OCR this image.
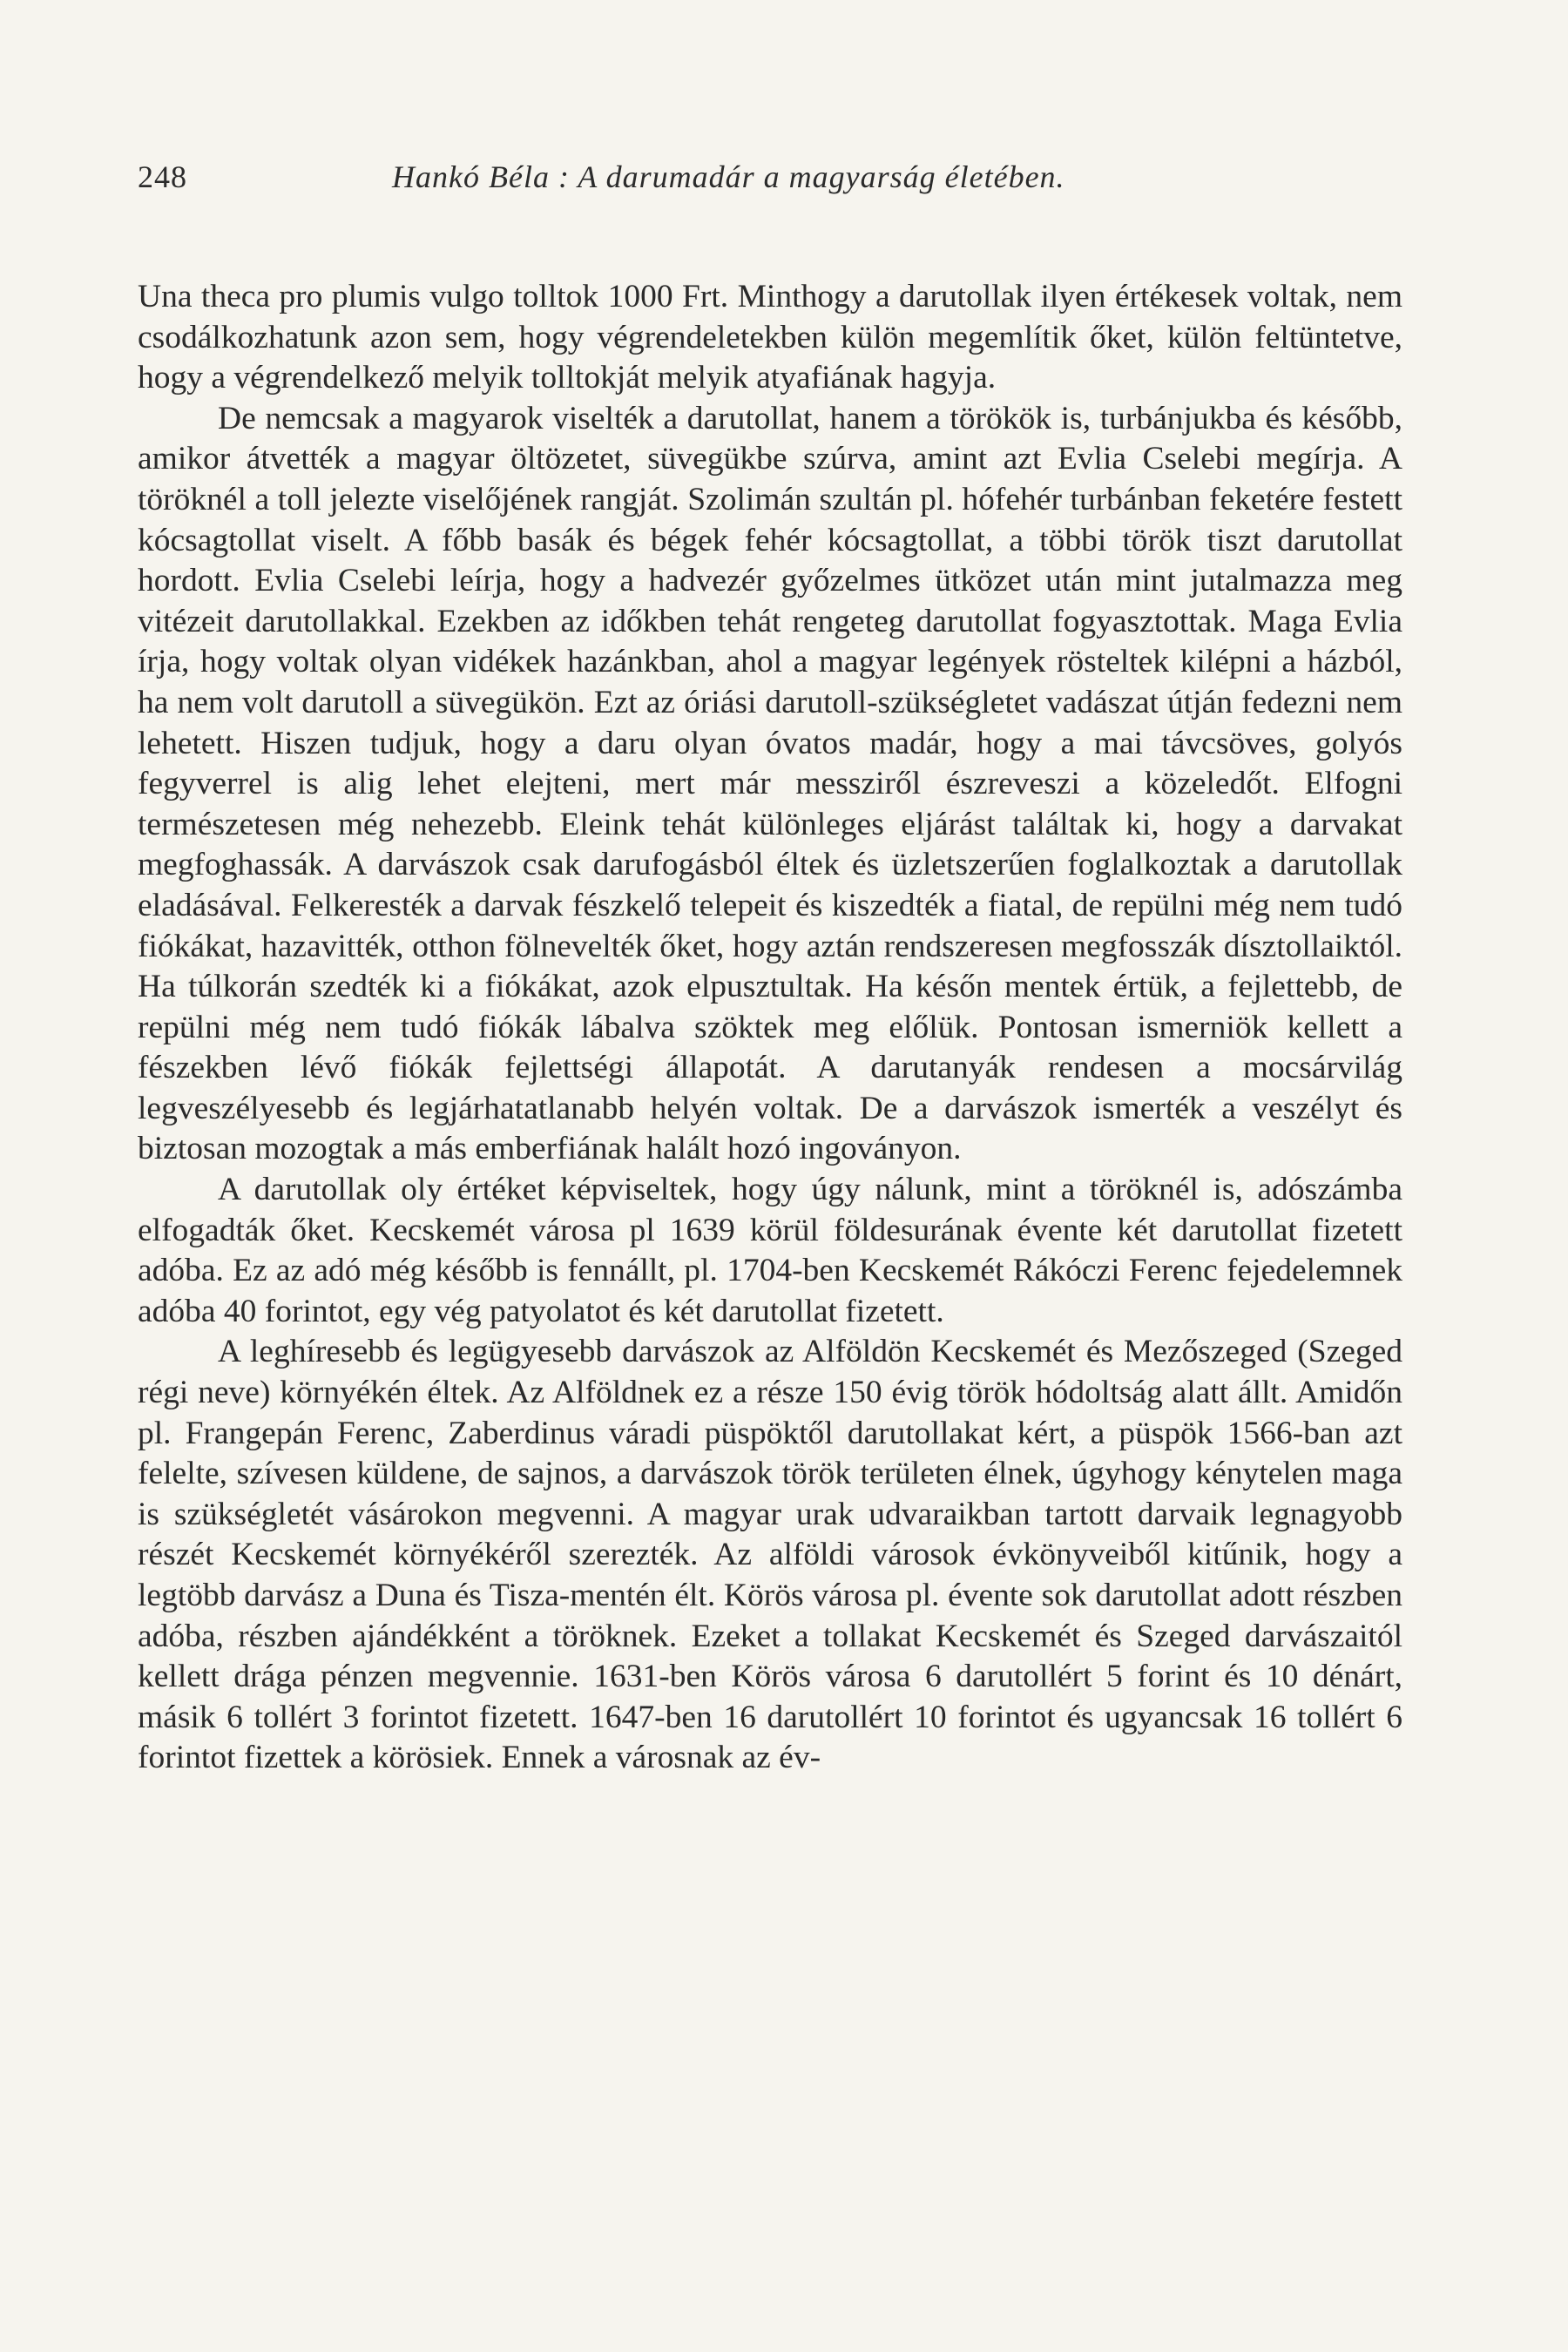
248	Hankó Béla : A darumadár a magyarság életében.

Una theca pro plumis vulgo tolltok 1000 Frt. Minthogy a darutollak ilyen értékesek voltak, nem csodálkozhatunk azon sem, hogy végrendeletekben külön megemlítik őket, külön feltüntetve, hogy a végrendelkező melyik tolltokját melyik atyafiának hagyja.

De nemcsak a magyarok viselték a darutollat, hanem a törökök is, turbánjukba és később, amikor átvették a magyar öltözetet, süvegükbe szúrva, amint azt Evlia Cselebi megírja. A töröknél a toll jelezte viselőjének rangját. Szolimán szultán pl. hófehér turbánban feketére festett kócsagtollat viselt. A főbb basák és bégek fehér kócsagtollat, a többi török tiszt darutollat hordott. Evlia Cselebi leírja, hogy a hadvezér győzelmes ütközet után mint jutalmazza meg vitézeit darutollakkal. Ezekben az időkben tehát rengeteg darutollat fogyasztottak. Maga Evlia írja, hogy voltak olyan vidékek hazánkban, ahol a magyar legények rösteltek kilépni a házból, ha nem volt darutoll a süvegükön. Ezt az óriási darutoll-szükségletet vadászat útján fedezni nem lehetett. Hiszen tudjuk, hogy a daru olyan óvatos madár, hogy a mai távcsöves, golyós fegyverrel is alig lehet elejteni, mert már messziről észreveszi a közeledőt. Elfogni természetesen még nehezebb. Eleink tehát különleges eljárást találtak ki, hogy a darvakat megfoghassák. A darvászok csak darufogásból éltek és üzletszerűen foglalkoztak a darutollak eladásával. Felkeresték a darvak fészkelő telepeit és kiszedték a fiatal, de repülni még nem tudó fiókákat, hazavitték, otthon fölnevelték őket, hogy aztán rendszeresen megfosszák dísztollaiktól. Ha túlkorán szedték ki a fiókákat, azok elpusztultak. Ha későn mentek értük, a fejlettebb, de repülni még nem tudó fiókák lábalva szöktek meg előlük. Pontosan ismerniök kellett a fészekben lévő fiókák fejlettségi állapotát. A darutanyák rendesen a mocsárvilág legveszélyesebb és legjárhatatlanabb helyén voltak. De a darvászok ismerték a veszélyt és biztosan mozogtak a más emberfiának halált hozó ingoványon.

A darutollak oly értéket képviseltek, hogy úgy nálunk, mint a töröknél is, adószámba elfogadták őket. Kecskemét városa pl 1639 körül földesurának évente két darutollat fizetett adóba. Ez az adó még később is fennállt, pl. 1704-ben Kecskemét Rákóczi Ferenc fejedelemnek adóba 40 forintot, egy vég patyolatot és két darutollat fizetett.

A leghíresebb és legügyesebb darvászok az Alföldön Kecskemét és Mezőszeged (Szeged régi neve) környékén éltek. Az Alföldnek ez a része 150 évig török hódoltság alatt állt. Amidőn pl. Frangepán Ferenc, Zaberdinus váradi püspöktől darutollakat kért, a püspök 1566-ban azt felelte, szívesen küldene, de sajnos, a darvászok török területen élnek, úgyhogy kénytelen maga is szükségletét vásárokon megvenni. A magyar urak udvaraikban tartott darvaik legnagyobb részét Kecskemét környékéről szerezték. Az alföldi városok évkönyveiből kitűnik, hogy a legtöbb darvász a Duna és Tisza-mentén élt. Körös városa pl. évente sok darutollat adott részben adóba, részben ajándékként a töröknek. Ezeket a tollakat Kecskemét és Szeged darvászaitól kellett drága pénzen megvennie. 1631-ben Körös városa 6 darutollért 5 forint és 10 dénárt, másik 6 tollért 3 forintot fizetett. 1647-ben 16 darutollért 10 forintot és ugyancsak 16 tollért 6 forintot fizettek a körösiek. Ennek a városnak az év-
